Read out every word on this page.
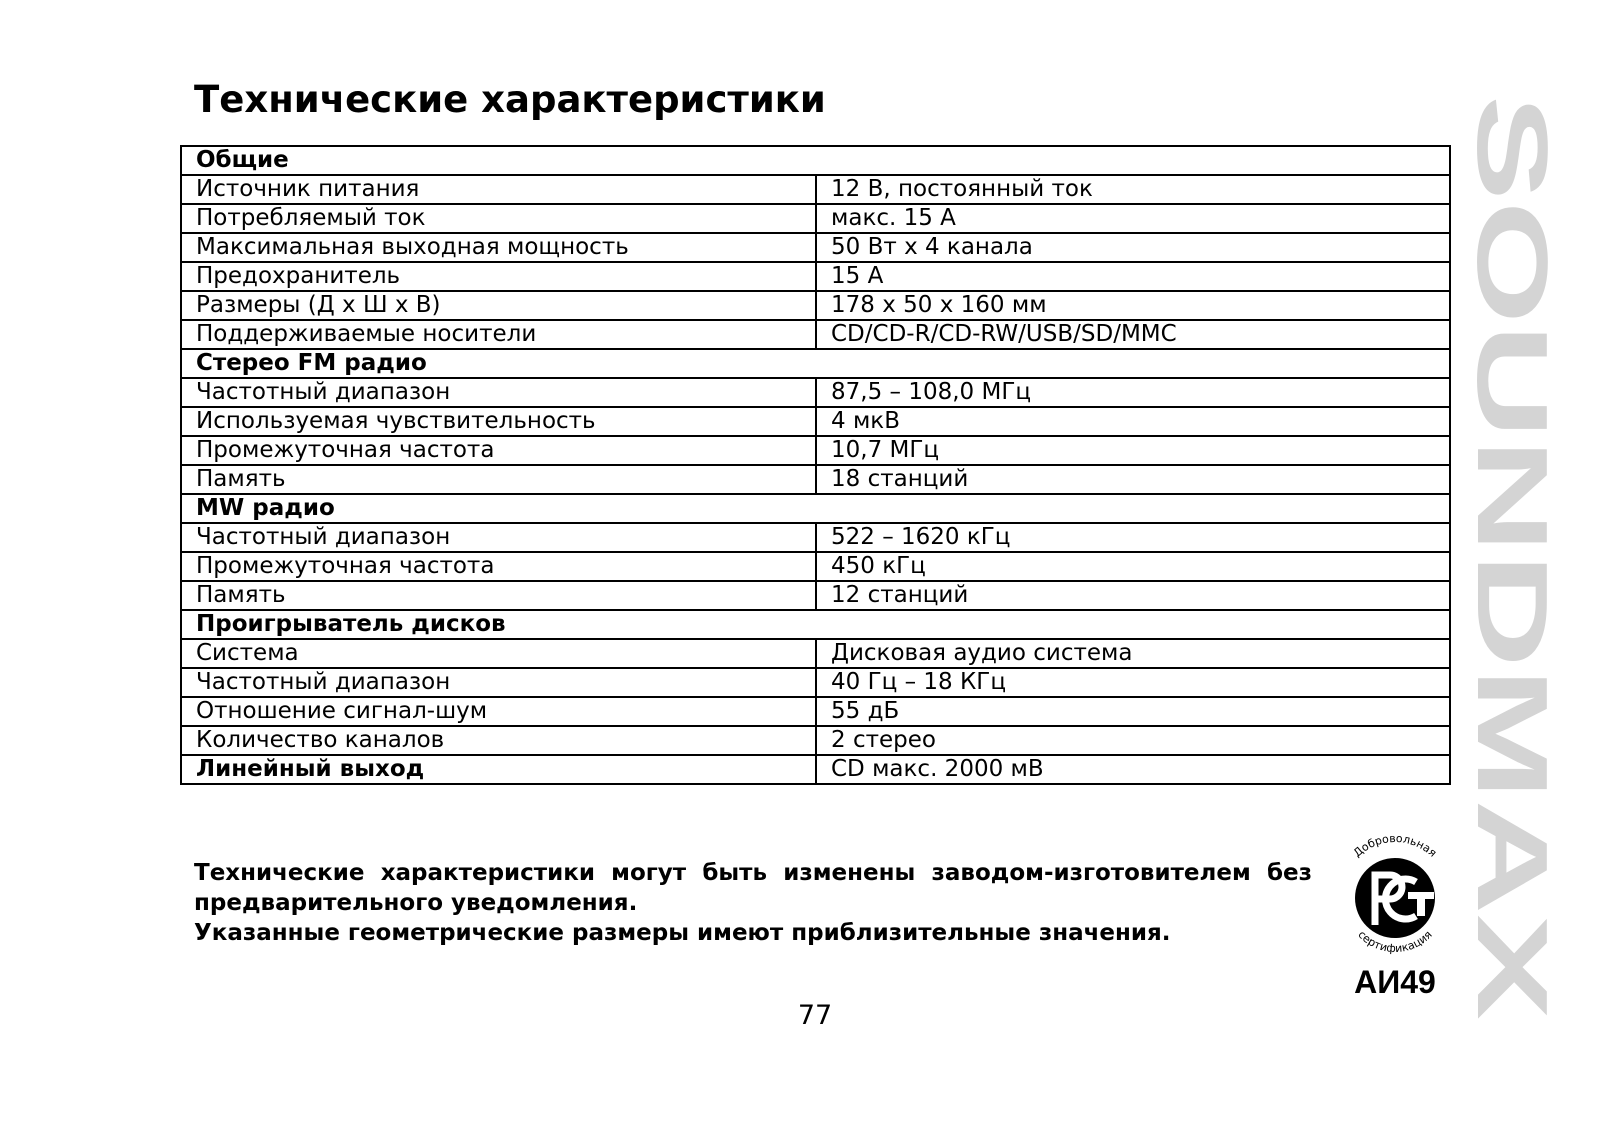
Технические характеристики
Общие	
Источник питания	12 В, постоянный ток
Потребляемый ток	макс. 15 А
Максимальная выходная мощность	50 Вт х 4 канала
Предохранитель	15 А
Размеры (Д х Ш х В)	178 х 50 х 160 мм
Поддерживаемые носители	CD/CD-R/CD-RW/USB/SD/MMC
Стерео FM радио	
Частотный диапазон	87,5 – 108,0 МГц
Используемая чувствительность	4 мкВ
Промежуточная частота	10,7 МГц
Память	18 станций
MW радио	
Частотный диапазон	522 – 1620 кГц
Промежуточная частота	450 кГц
Память	12 станций
Проигрыватель дисков	
Система	Дисковая аудио система
Частотный диапазон	40 Гц – 18 КГц
Отношение сигнал-шум	55 дБ
Количество каналов	2 стерео
Линейный выход	CD макс. 2000 мВ

Технические характеристики могут быть изменены заводом-изготовителем без предварительного уведомления.

Указанные геометрические размеры имеют приблизительные значения.

77
SOUNDMAX
Добровольная
сертификация
АИ49
